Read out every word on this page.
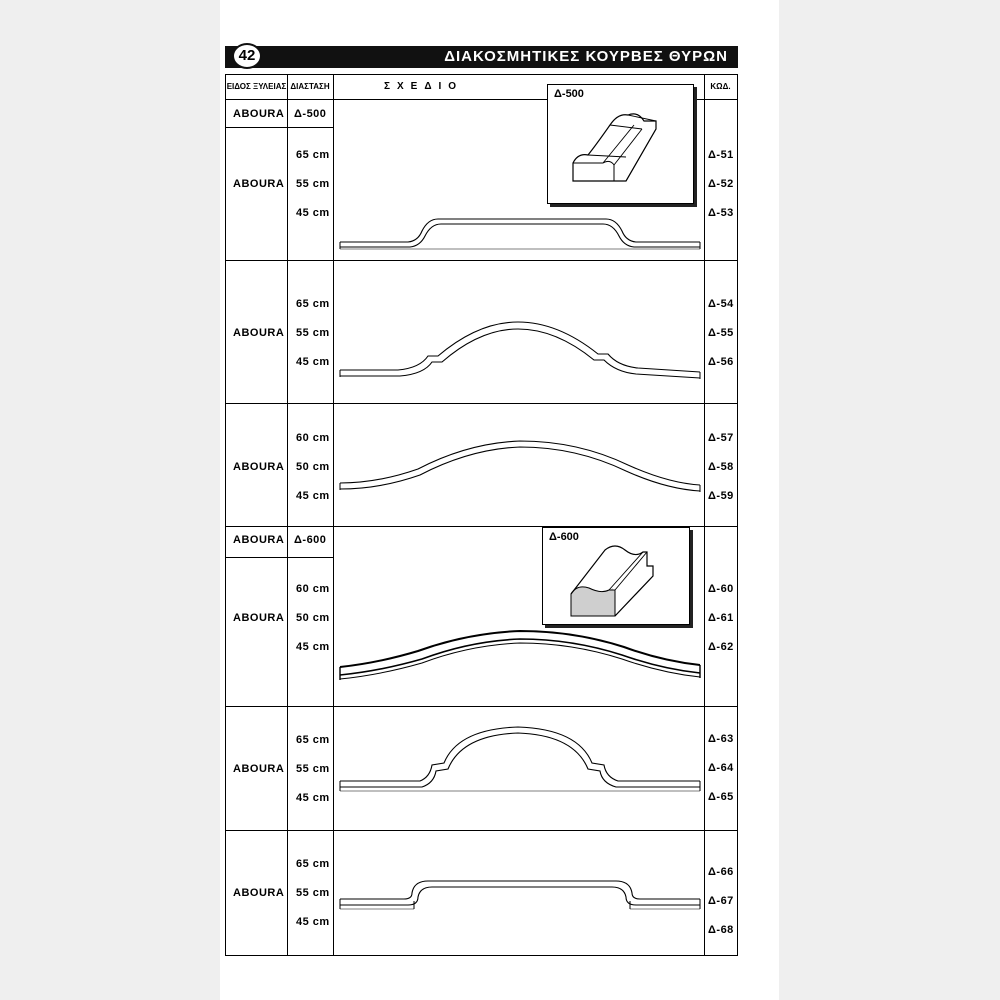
ΔΙΑΚΟΣΜΗΤΙΚΕΣ ΚΟΥΡΒΕΣ ΘΥΡΩΝ
42
ΕΙΔΟΣ ΞΥΛΕΙΑΣ ΔΙΑΣΤΑΣΗ	ΣΧΕΔΙΟ	ΚΩΔ.
ABOURA Δ-500
ABOURA Δ-600
ABOURA
65 cm
55 cm
45 cm
Δ-51
Δ-52
Δ-53
ABOURA
65 cm
55 cm
45 cm
Δ-54
Δ-55
Δ-56
ABOURA
60 cm
50 cm
45 cm
Δ-57
Δ-58
Δ-59
ABOURA
60 cm
50 cm
45 cm
Δ-60
Δ-61
Δ-62
ABOURA
65 cm
55 cm
45 cm
Δ-63
Δ-64
Δ-65
ABOURA
65 cm
55 cm
45 cm
Δ-66
Δ-67
Δ-68
Δ-500
Δ-600
